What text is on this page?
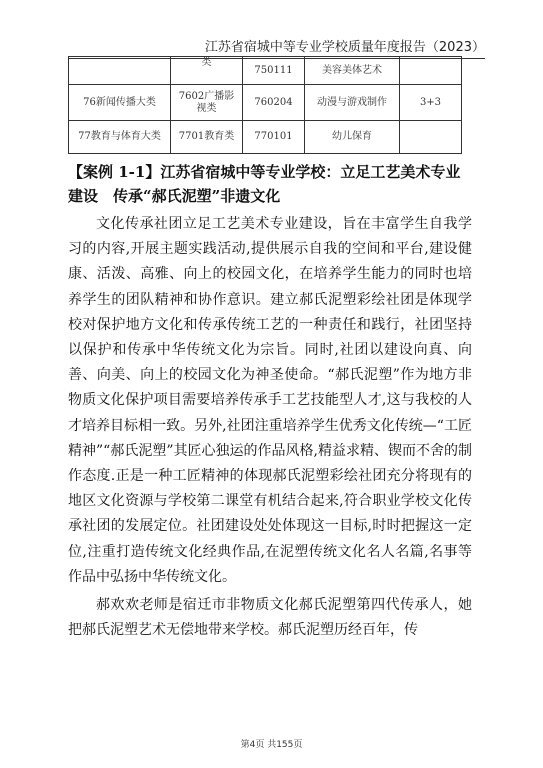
江苏省宿城中等专业学校质量年度报告（2023）
	类	750111	美容美体艺术	
76新闻传播大类	7602广播影视类	760204	动漫与游戏制作	3+3
77教育与体育大类	7701教育类	770101	幼儿保育	
【案例 1-1】江苏省宿城中等专业学校：立足工艺美术专业建设　传承“郝氏泥塑”非遗文化

文化传承社团立足工艺美术专业建设，旨在丰富学生自我学习的内容,开展主题实践活动,提供展示自我的空间和平台,建设健康、活泼、高雅、向上的校园文化，在培养学生能力的同时也培养学生的团队精神和协作意识。建立郝氏泥塑彩绘社团是体现学校对保护地方文化和传承传统工艺的一种责任和践行，社团坚持以保护和传承中华传统文化为宗旨。同时,社团以建设向真、向善、向美、向上的校园文化为神圣使命。“郝氏泥塑”作为地方非物质文化保护项目需要培养传承手工艺技能型人才,这与我校的人才培养目标相一致。另外,社团注重培养学生优秀文化传统—“工匠精神”“郝氏泥塑”其匠心独运的作品风格,精益求精、锲而不舍的制作态度.正是一种工匠精神的体现郝氏泥塑彩绘社团充分将现有的地区文化资源与学校第二课堂有机结合起来,符合职业学校文化传承社团的发展定位。社团建设处处体现这一目标,时时把握这一定位,注重打造传统文化经典作品,在泥塑传统文化名人名篇,名事等作品中弘扬中华传统文化。

郝欢欢老师是宿迁市非物质文化郝氏泥塑第四代传承人，她把郝氏泥塑艺术无偿地带来学校。郝氏泥塑历经百年，传

第4页 共155页
